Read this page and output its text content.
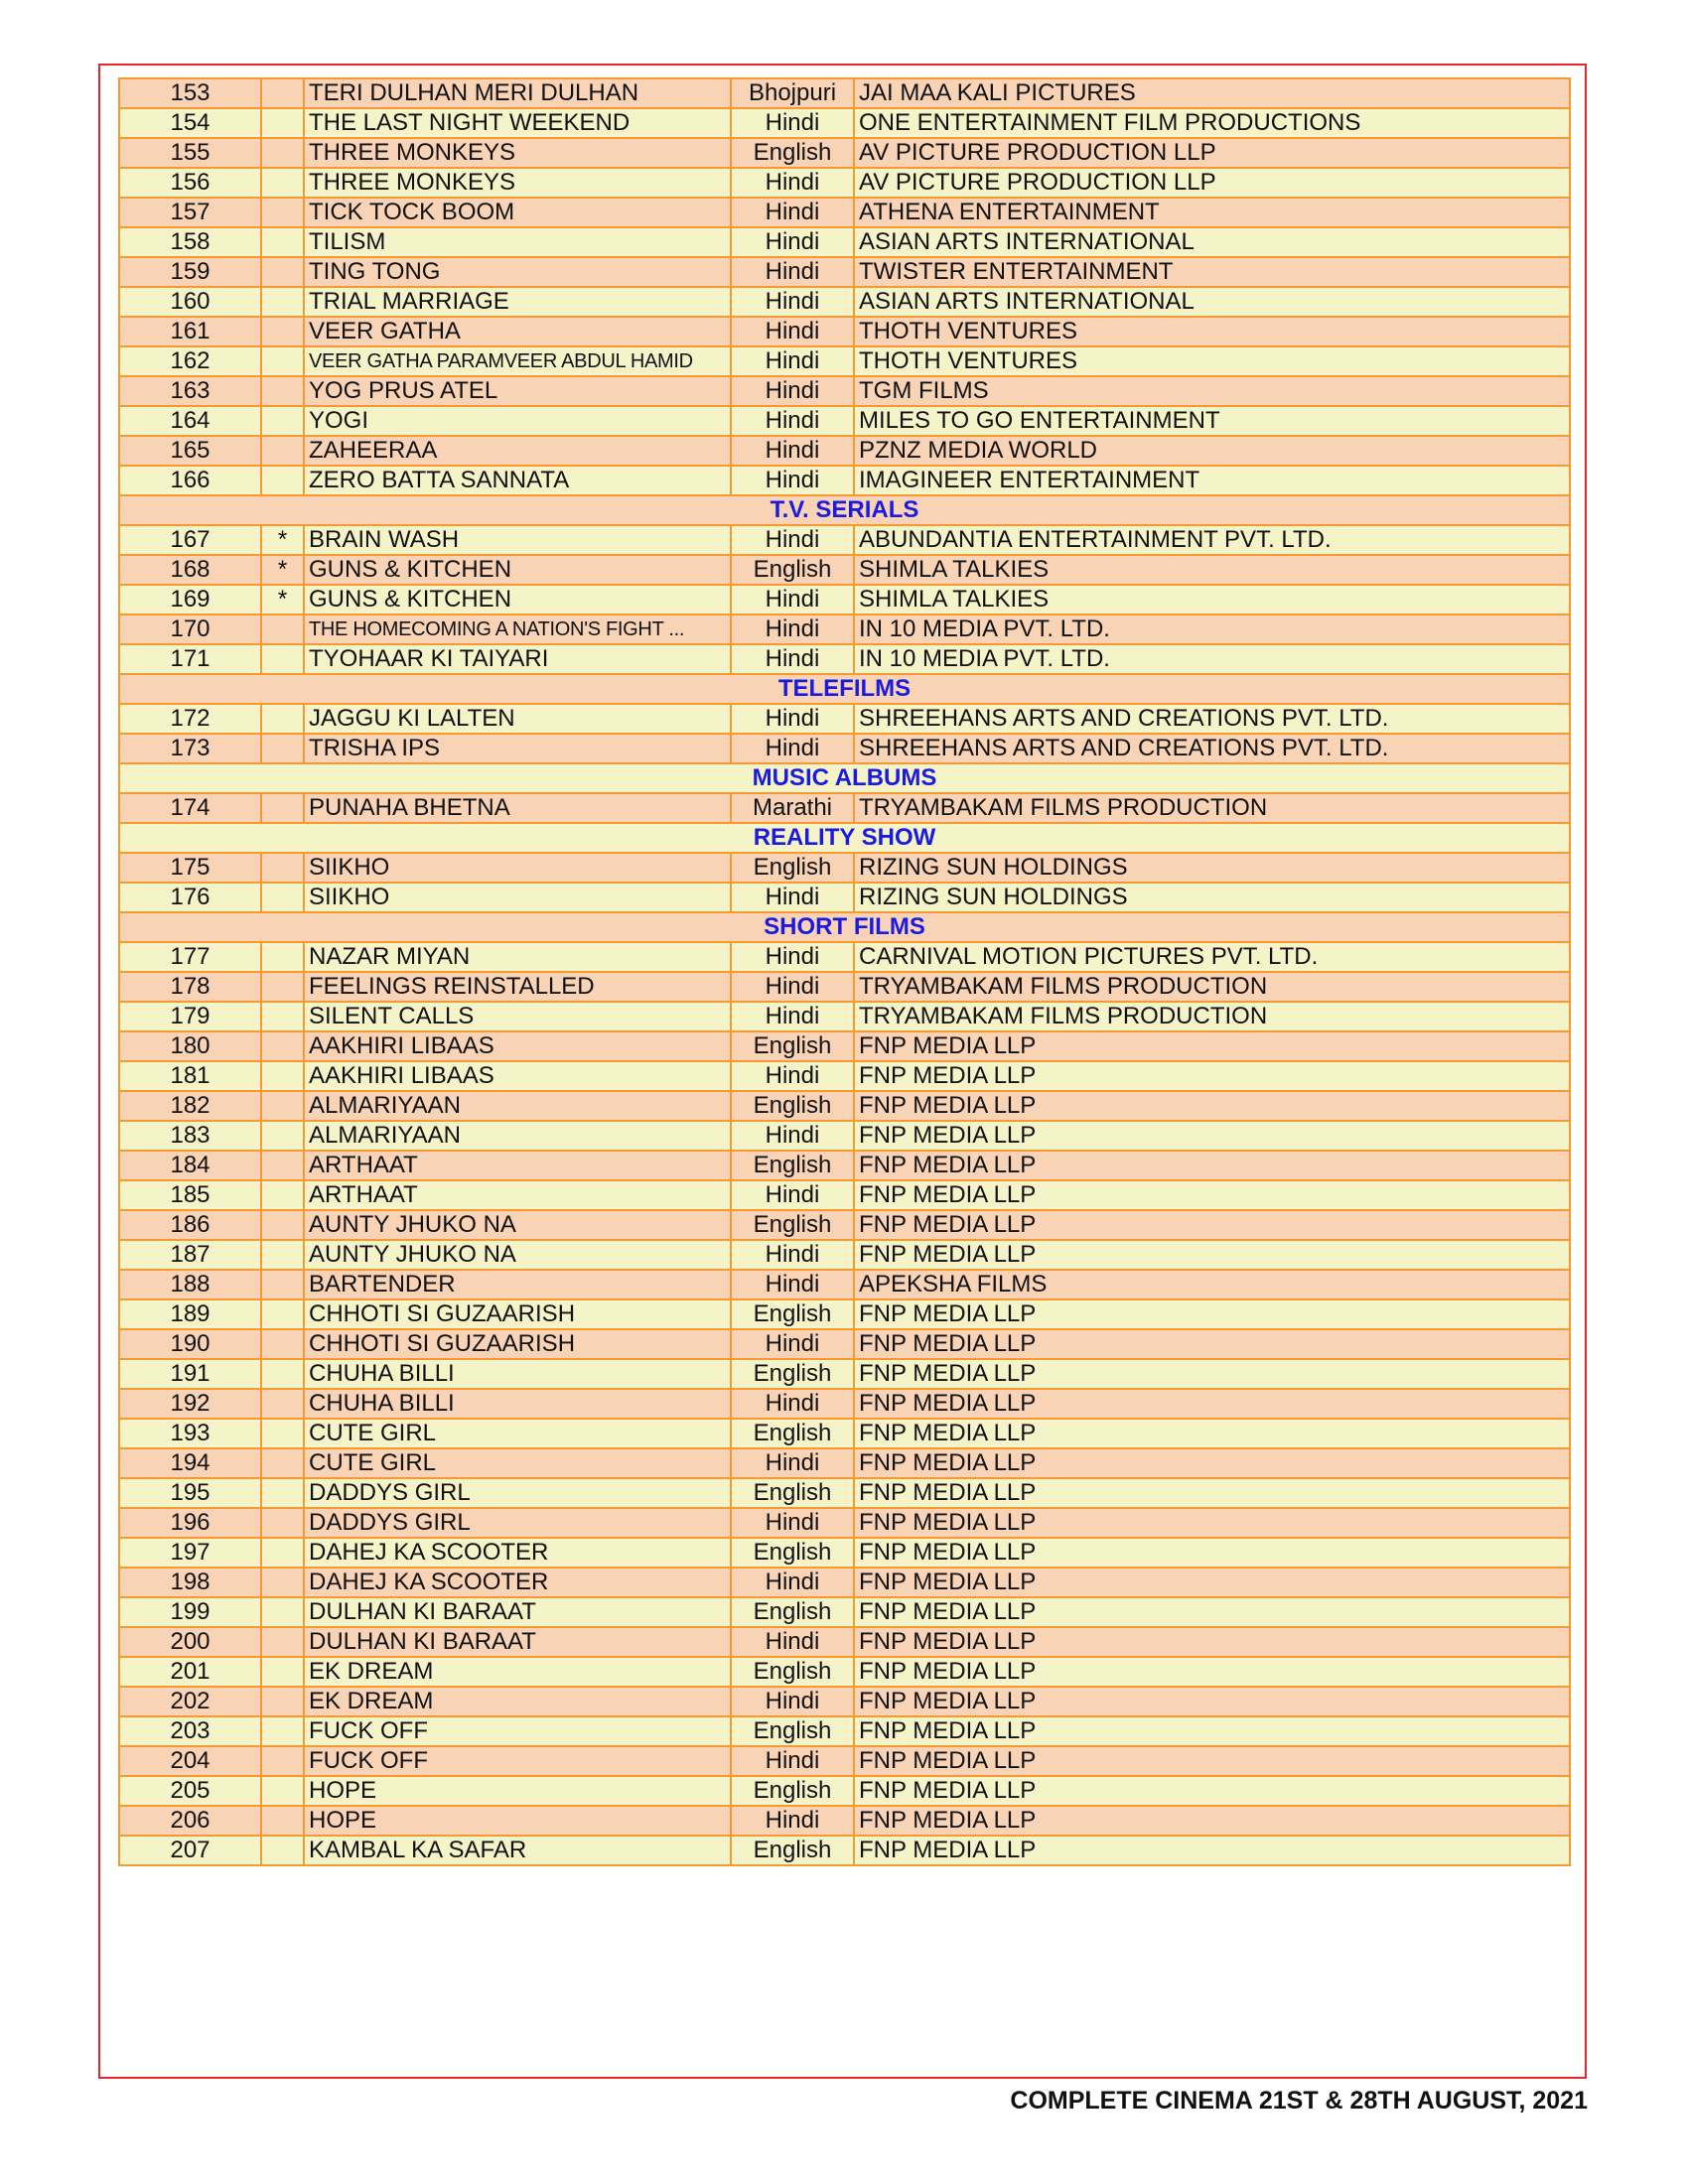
153		TERI DULHAN MERI DULHAN	Bhojpuri	JAI MAA KALI PICTURES
154		THE LAST NIGHT WEEKEND	Hindi	ONE ENTERTAINMENT FILM PRODUCTIONS
155		THREE MONKEYS	English	AV PICTURE PRODUCTION LLP
156		THREE MONKEYS	Hindi	AV PICTURE PRODUCTION LLP
157		TICK TOCK BOOM	Hindi	ATHENA ENTERTAINMENT
158		TILISM	Hindi	ASIAN ARTS INTERNATIONAL
159		TING TONG	Hindi	TWISTER ENTERTAINMENT
160		TRIAL MARRIAGE	Hindi	ASIAN ARTS INTERNATIONAL
161		VEER GATHA	Hindi	THOTH VENTURES
162		VEER GATHA PARAMVEER ABDUL HAMID	Hindi	THOTH VENTURES
163		YOG PRUS ATEL	Hindi	TGM FILMS
164		YOGI	Hindi	MILES TO GO ENTERTAINMENT
165		ZAHEERAA	Hindi	PZNZ MEDIA WORLD
166		ZERO BATTA SANNATA	Hindi	IMAGINEER ENTERTAINMENT
T.V. SERIALS				
167	*	BRAIN WASH	Hindi	ABUNDANTIA ENTERTAINMENT PVT. LTD.
168	*	GUNS & KITCHEN	English	SHIMLA TALKIES
169	*	GUNS & KITCHEN	Hindi	SHIMLA TALKIES
170		THE HOMECOMING A NATION'S FIGHT ...	Hindi	IN 10 MEDIA PVT. LTD.
171		TYOHAAR KI TAIYARI	Hindi	IN 10 MEDIA PVT. LTD.
TELEFILMS				
172		JAGGU KI LALTEN	Hindi	SHREEHANS ARTS AND CREATIONS PVT. LTD.
173		TRISHA IPS	Hindi	SHREEHANS ARTS AND CREATIONS PVT. LTD.
MUSIC ALBUMS				
174		PUNAHA BHETNA	Marathi	TRYAMBAKAM FILMS PRODUCTION
REALITY SHOW				
175		SIIKHO	English	RIZING SUN HOLDINGS
176		SIIKHO	Hindi	RIZING SUN HOLDINGS
SHORT FILMS				
177		NAZAR MIYAN	Hindi	CARNIVAL MOTION PICTURES PVT. LTD.
178		FEELINGS REINSTALLED	Hindi	TRYAMBAKAM FILMS PRODUCTION
179		SILENT CALLS	Hindi	TRYAMBAKAM FILMS PRODUCTION
180		AAKHIRI LIBAAS	English	FNP MEDIA LLP
181		AAKHIRI LIBAAS	Hindi	FNP MEDIA LLP
182		ALMARIYAAN	English	FNP MEDIA LLP
183		ALMARIYAAN	Hindi	FNP MEDIA LLP
184		ARTHAAT	English	FNP MEDIA LLP
185		ARTHAAT	Hindi	FNP MEDIA LLP
186		AUNTY JHUKO NA	English	FNP MEDIA LLP
187		AUNTY JHUKO NA	Hindi	FNP MEDIA LLP
188		BARTENDER	Hindi	APEKSHA FILMS
189		CHHOTI SI GUZAARISH	English	FNP MEDIA LLP
190		CHHOTI SI GUZAARISH	Hindi	FNP MEDIA LLP
191		CHUHA BILLI	English	FNP MEDIA LLP
192		CHUHA BILLI	Hindi	FNP MEDIA LLP
193		CUTE GIRL	English	FNP MEDIA LLP
194		CUTE GIRL	Hindi	FNP MEDIA LLP
195		DADDYS GIRL	English	FNP MEDIA LLP
196		DADDYS GIRL	Hindi	FNP MEDIA LLP
197		DAHEJ KA SCOOTER	English	FNP MEDIA LLP
198		DAHEJ KA SCOOTER	Hindi	FNP MEDIA LLP
199		DULHAN KI BARAAT	English	FNP MEDIA LLP
200		DULHAN KI BARAAT	Hindi	FNP MEDIA LLP
201		EK DREAM	English	FNP MEDIA LLP
202		EK DREAM	Hindi	FNP MEDIA LLP
203		FUCK OFF	English	FNP MEDIA LLP
204		FUCK OFF	Hindi	FNP MEDIA LLP
205		HOPE	English	FNP MEDIA LLP
206		HOPE	Hindi	FNP MEDIA LLP
207		KAMBAL KA SAFAR	English	FNP MEDIA LLP
COMPLETE CINEMA 21ST & 28TH AUGUST, 2021
